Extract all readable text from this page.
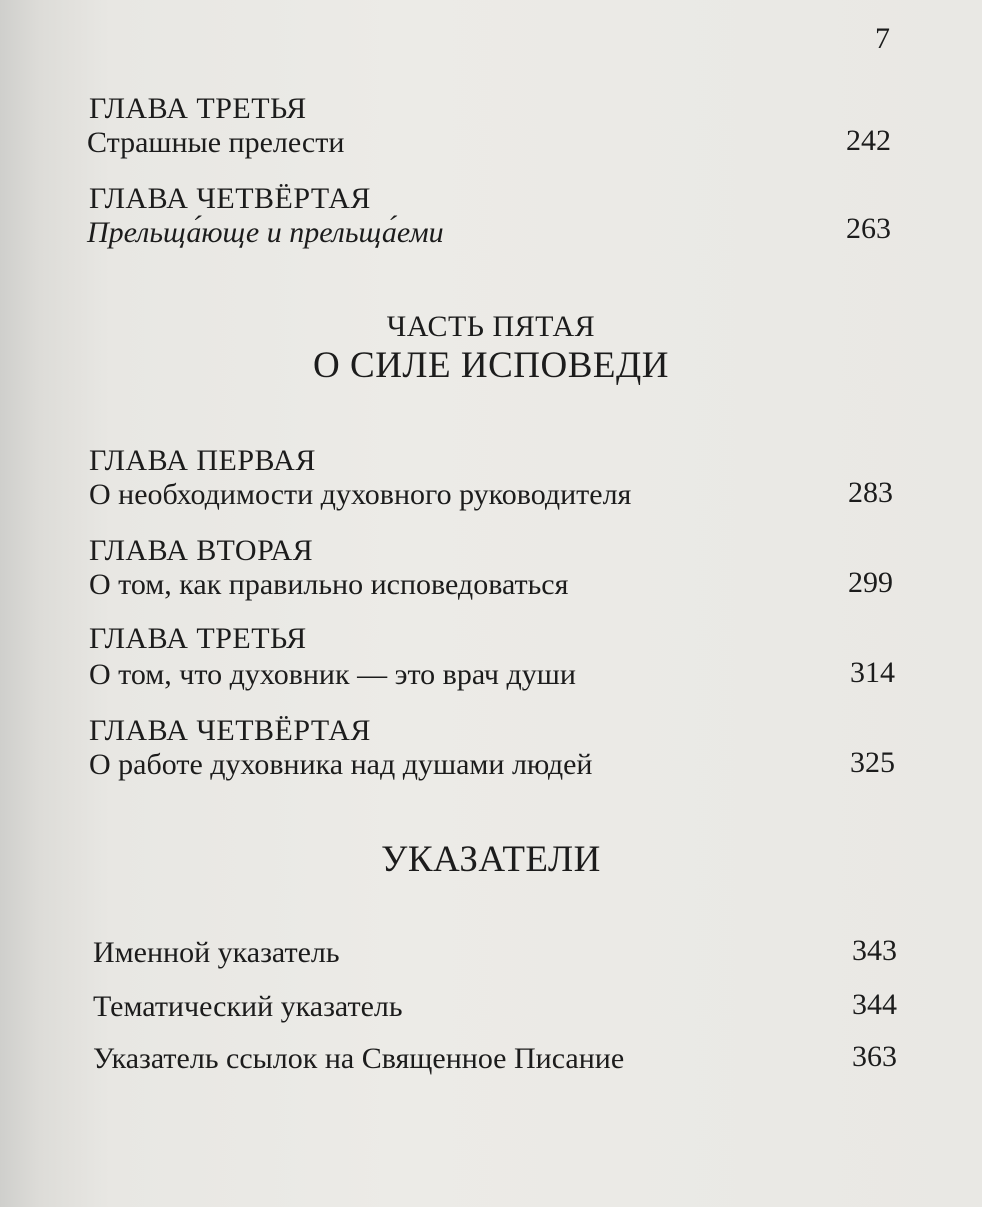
7
ГЛАВА ТРЕТЬЯ
Страшные прелести	242
ГЛАВА ЧЕТВЁРТАЯ
Прельща́юще и прельща́еми	263
ЧАСТЬ ПЯТАЯ
О СИЛЕ ИСПОВЕДИ
ГЛАВА ПЕРВАЯ
О необходимости духовного руководителя	283
ГЛАВА ВТОРАЯ
О том, как правильно исповедоваться	299
ГЛАВА ТРЕТЬЯ
О том, что духовник — это врач души	314
ГЛАВА ЧЕТВЁРТАЯ
О работе духовника над душами людей	325
УКАЗАТЕЛИ
Именной указатель	343
Тематический указатель	344
Указатель ссылок на Священное Писание	363
